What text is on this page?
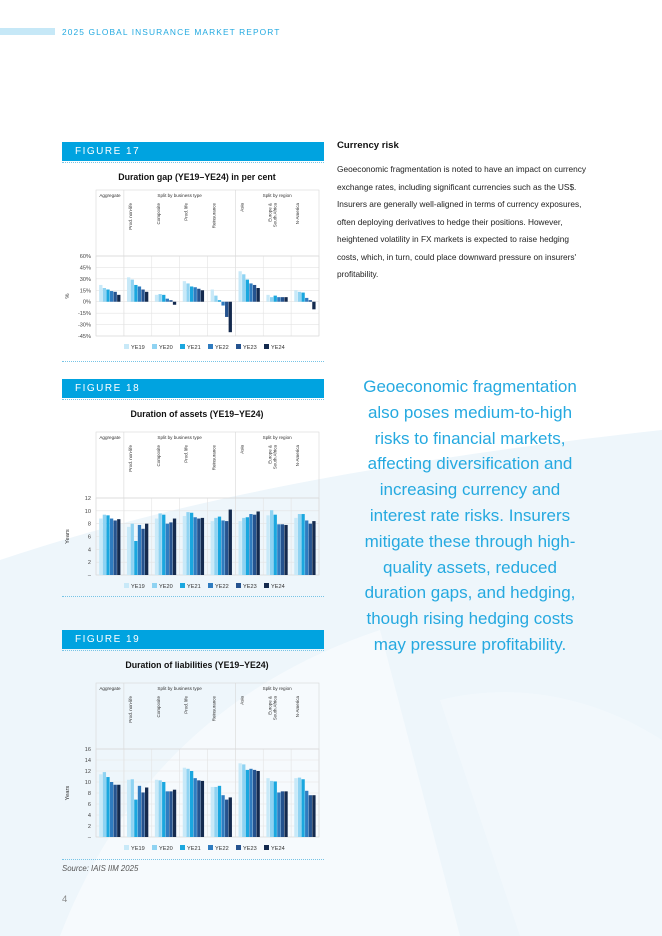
2025 GLOBAL INSURANCE MARKET REPORT
FIGURE 17
Duration gap (YE19–YE24) in per cent
Aggregate	Split by business type	Split by region
Prod. non-life	Composite	Prod. life	Reinsurance	Asia	Europe & South Africa	N-America
60%
45%
30%
15%
0%
-15%
-30%
-45%
%
YE19	YE20	YE21	YE22	YE23	YE24
FIGURE 18
Duration of assets (YE19–YE24)
Aggregate	Split by business type	Split by region
Prod. non-life	Composite	Prod. life	Reinsurance	Asia	Europe & South Africa	N-America
12
10
8
6
4
2
–
Years
YE19	YE20	YE21	YE22	YE23	YE24
FIGURE 19
Duration of liabilities (YE19–YE24)
Aggregate	Split by business type	Split by region
Prod. non-life	Composite	Prod. life	Reinsurance	Asia	Europe & South Africa	N-America
16
14
12
10
8
6
4
2
–
Years
YE19	YE20	YE21	YE22	YE23	YE24
Currency risk

Geoeconomic fragmentation is noted to have an impact on currency exchange rates, including significant currencies such as the US$. Insurers are generally well-aligned in terms of currency exposures, often deploying derivatives to hedge their positions. However, heightened volatility in FX markets is expected to raise hedging costs, which, in turn, could place downward pressure on insurers' profitability.

Geoeconomic fragmentation also poses medium-to-high risks to financial markets, affecting diversification and increasing currency and interest rate risks. Insurers mitigate these through high-quality assets, reduced duration gaps, and hedging, though rising hedging costs may pressure profitability.
Source: IAIS IIM 2025
4
